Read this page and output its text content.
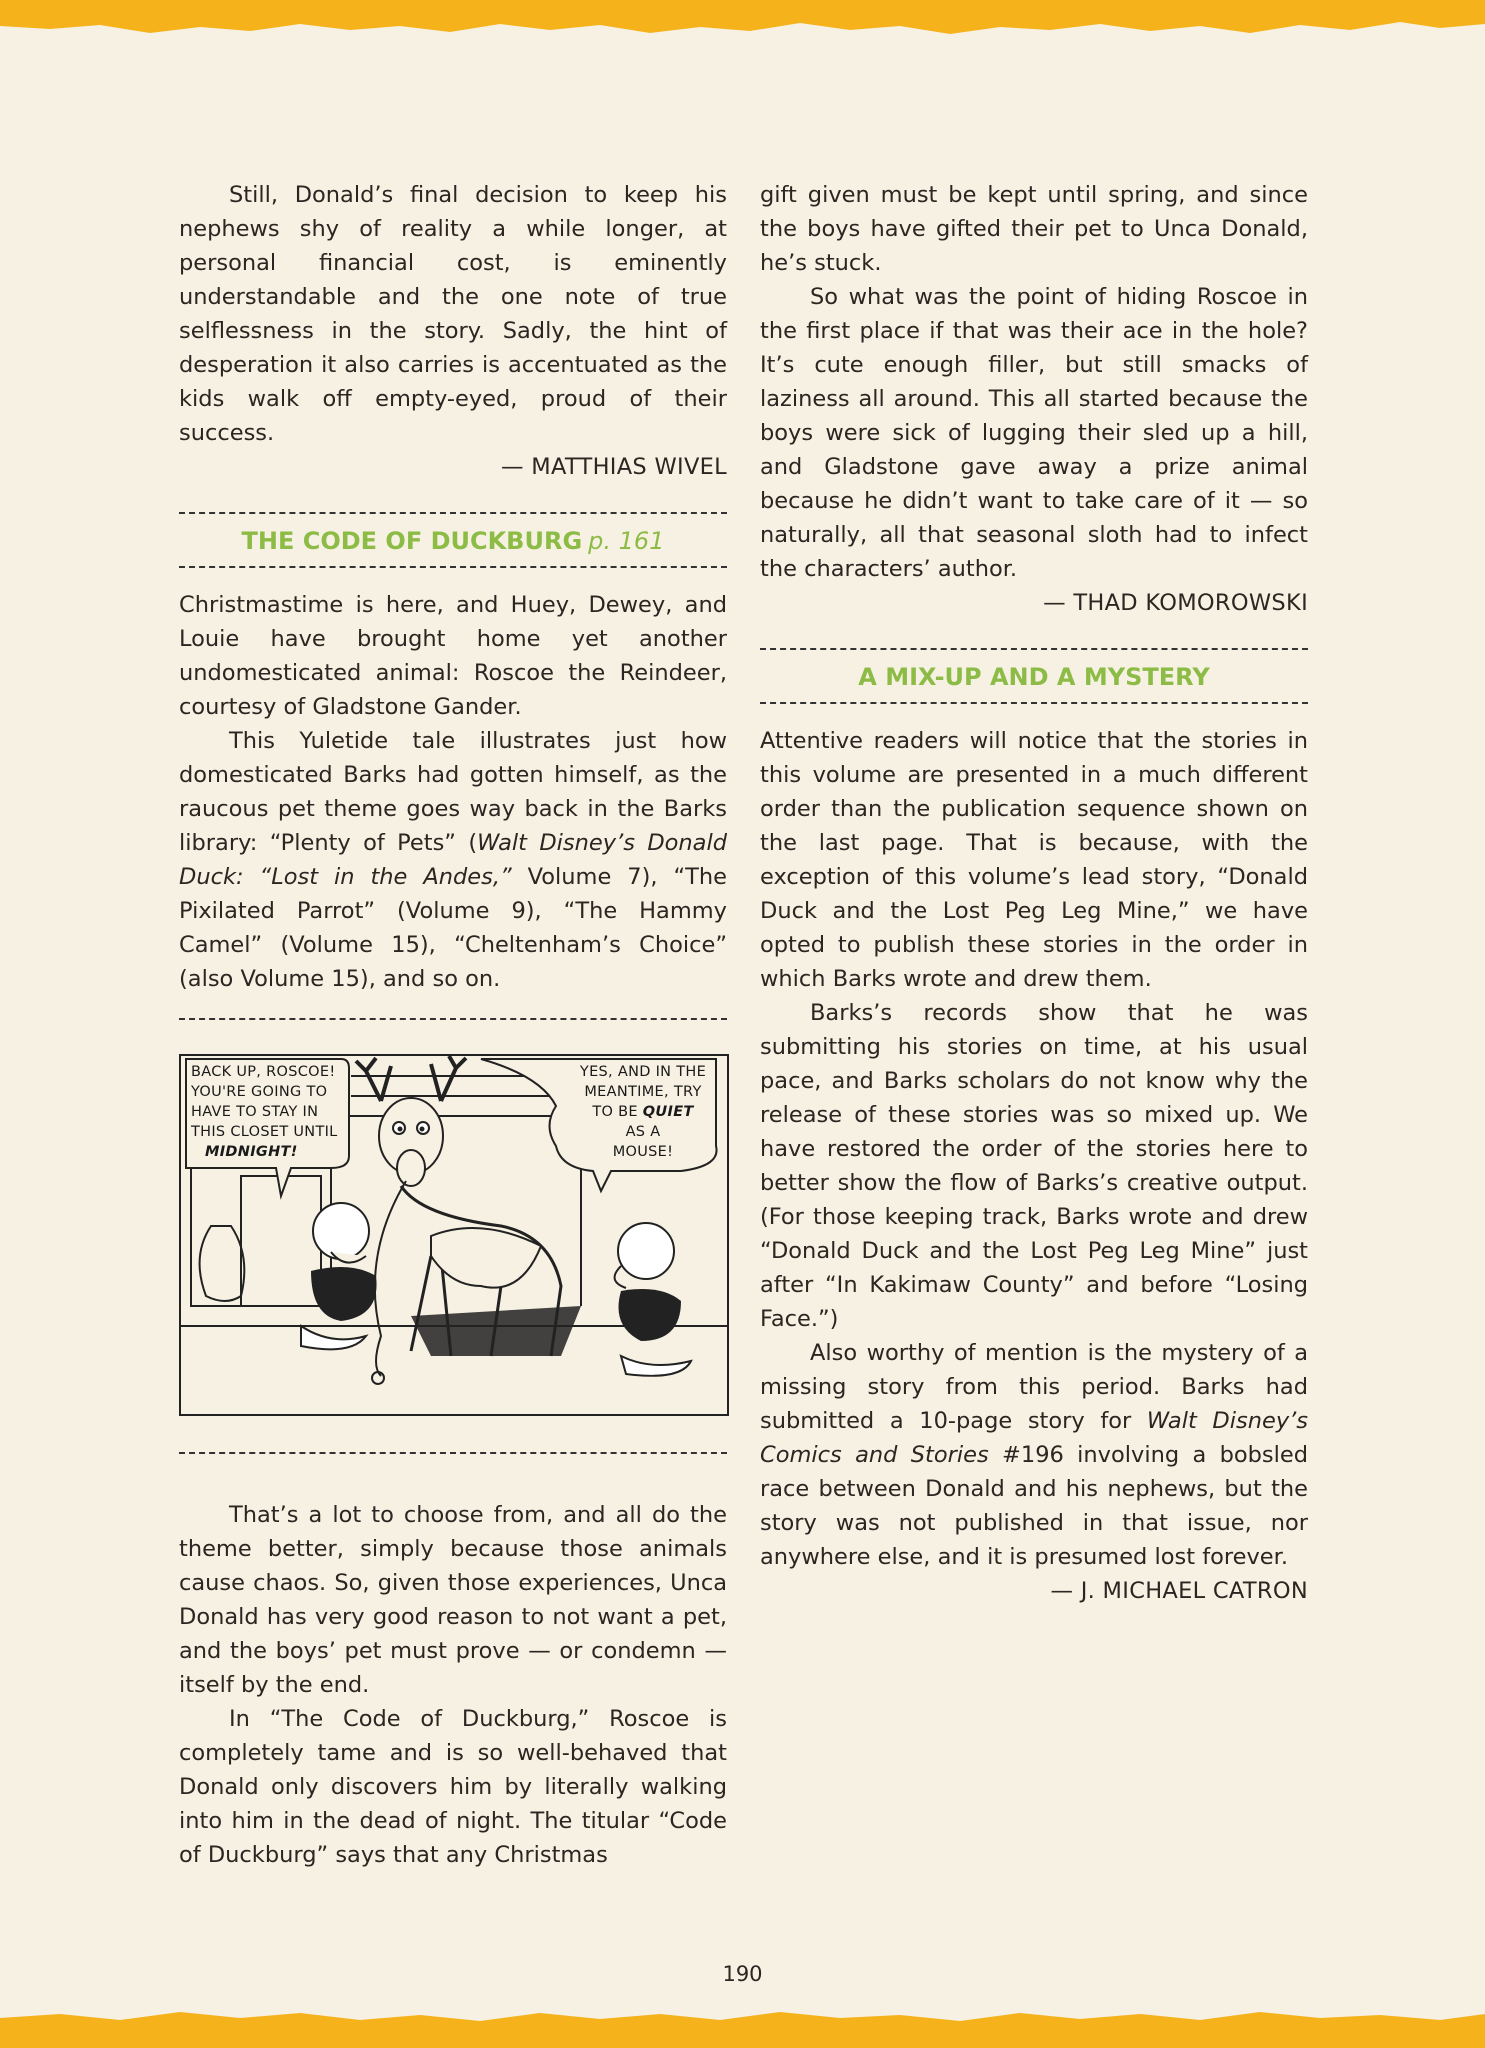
Still, Donald’s final decision to keep his nephews shy of reality a while longer, at personal financial cost, is eminently understandable and the one note of true selflessness in the story. Sadly, the hint of desperation it also carries is accentuated as the kids walk off empty-eyed, proud of their success.

— MATTHIAS WIVEL
THE CODE OF DUCKBURG p. 161

Christmastime is here, and Huey, Dewey, and Louie have brought home yet another undomesticated animal: Roscoe the Reindeer, courtesy of Gladstone Gander.

This Yuletide tale illustrates just how domesticated Barks had gotten himself, as the raucous pet theme goes way back in the Barks library: “Plenty of Pets” (Walt Disney’s Donald Duck: “Lost in the Andes,” Volume 7), “The Pixilated Parrot” (Volume 9), “The Hammy Camel” (Volume 15), “Cheltenham’s Choice” (also Volume 15), and so on.

BACK UP, ROSCOE!
YOU'RE GOING TO
HAVE TO STAY IN
THIS CLOSET UNTIL
MIDNIGHT!
YES, AND IN THE
MEANTIME, TRY
TO BE QUIET
AS A
MOUSE!

That’s a lot to choose from, and all do the theme better, simply because those animals cause chaos. So, given those experiences, Unca Donald has very good reason to not want a pet, and the boys’ pet must prove — or condemn — itself by the end.

In “The Code of Duckburg,” Roscoe is completely tame and is so well-behaved that Donald only discovers him by literally walking into him in the dead of night. The titular “Code of Duckburg” says that any Christmas

gift given must be kept until spring, and since the boys have gifted their pet to Unca Donald, he’s stuck.

So what was the point of hiding Roscoe in the first place if that was their ace in the hole? It’s cute enough filler, but still smacks of laziness all around. This all started because the boys were sick of lugging their sled up a hill, and Gladstone gave away a prize animal because he didn’t want to take care of it — so naturally, all that seasonal sloth had to infect the characters’ author.

— THAD KOMOROWSKI
A MIX-UP AND A MYSTERY

Attentive readers will notice that the stories in this volume are presented in a much different order than the publication sequence shown on the last page. That is because, with the exception of this volume’s lead story, “Donald Duck and the Lost Peg Leg Mine,” we have opted to publish these stories in the order in which Barks wrote and drew them.

Barks’s records show that he was submitting his stories on time, at his usual pace, and Barks scholars do not know why the release of these stories was so mixed up. We have restored the order of the stories here to better show the flow of Barks’s creative output. (For those keeping track, Barks wrote and drew “Donald Duck and the Lost Peg Leg Mine” just after “In Kakimaw County” and before “Losing Face.”)

Also worthy of mention is the mystery of a missing story from this period. Barks had submitted a 10-page story for Walt Disney’s Comics and Stories #196 involving a bobsled race between Donald and his nephews, but the story was not published in that issue, nor anywhere else, and it is presumed lost forever.

— J. MICHAEL CATRON
190
